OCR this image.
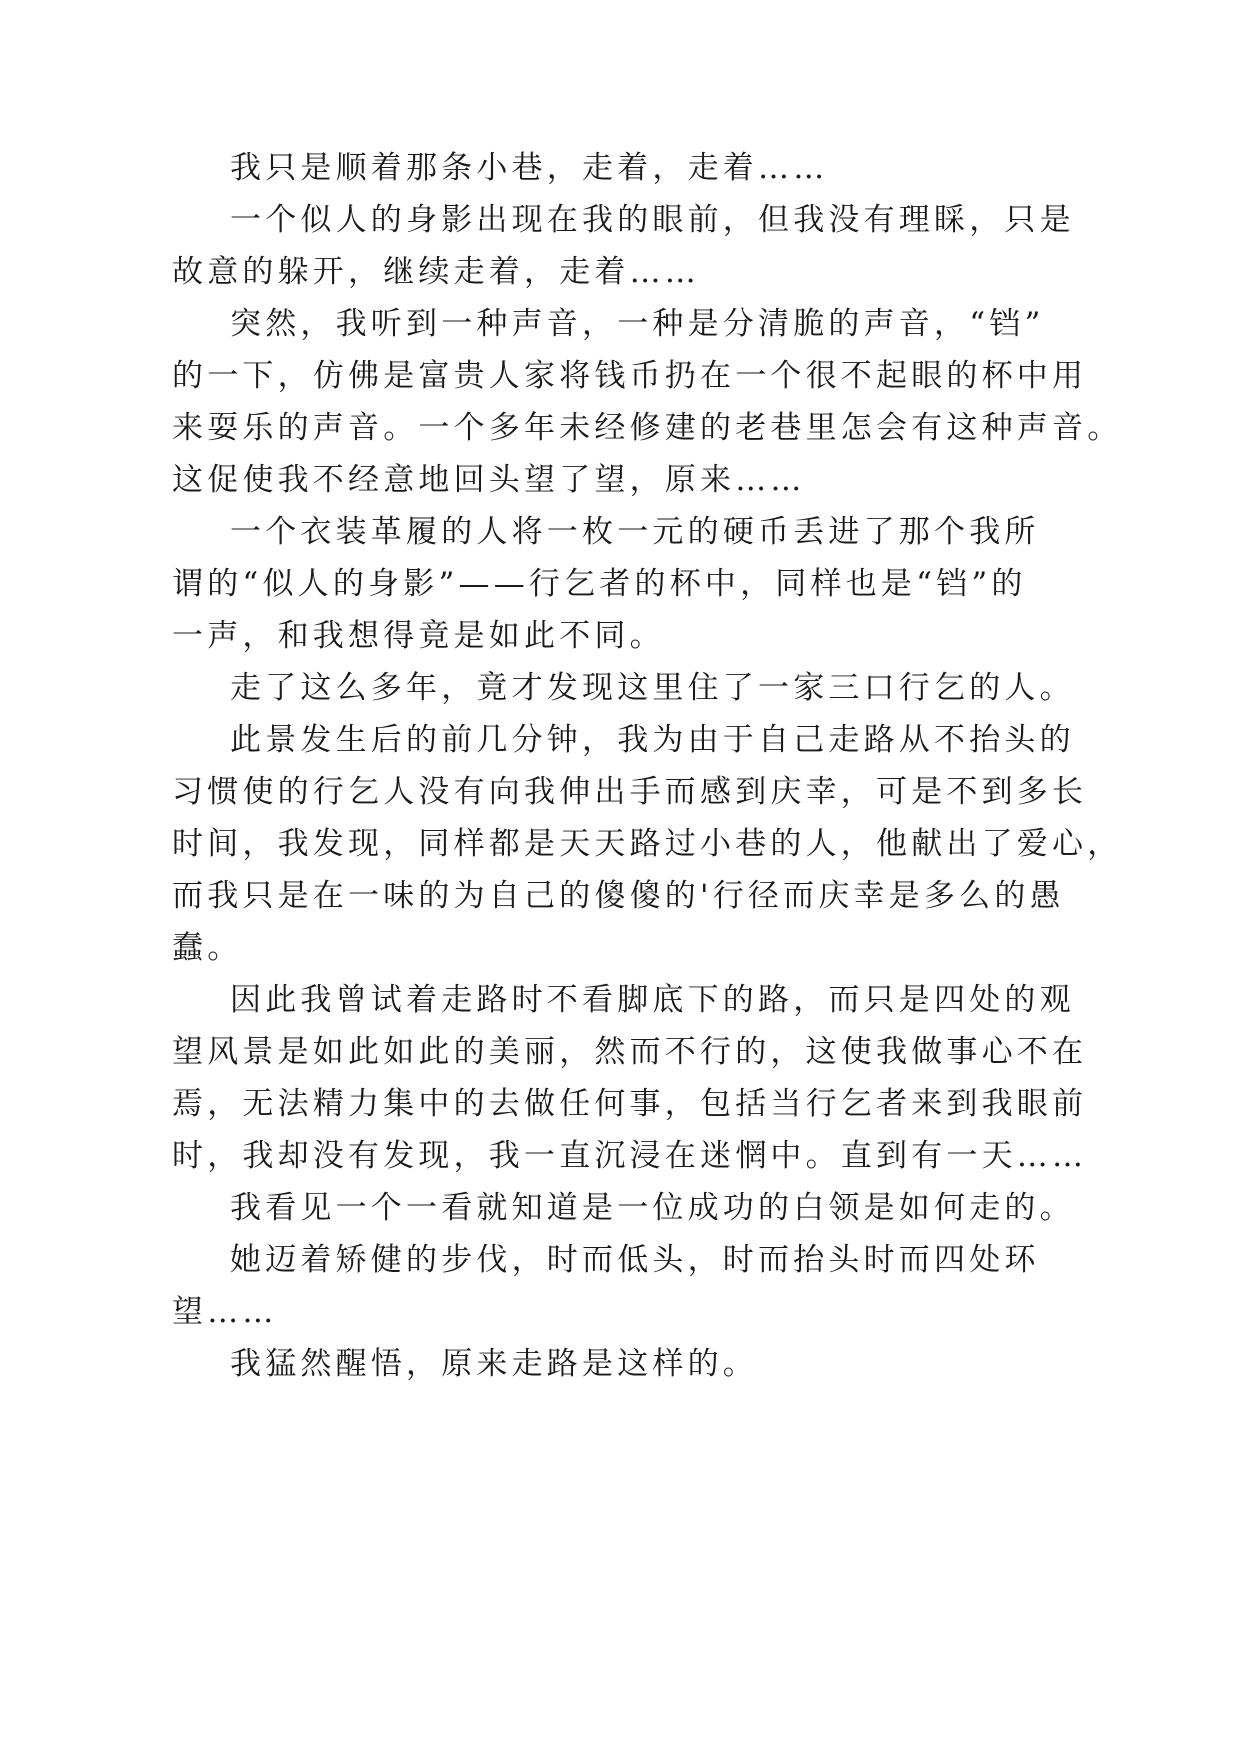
我只是顺着那条小巷，走着，走着……

一个似人的身影出现在我的眼前，但我没有理睬，只是

故意的躲开，继续走着，走着……

突然，我听到一种声音，一种是分清脆的声音，“铛”

的一下，仿佛是富贵人家将钱币扔在一个很不起眼的杯中用

来耍乐的声音。一个多年未经修建的老巷里怎会有这种声音。

这促使我不经意地回头望了望，原来……

一个衣装革履的人将一枚一元的硬币丢进了那个我所

谓的“似人的身影”——行乞者的杯中，同样也是“铛”的

一声，和我想得竟是如此不同。

走了这么多年，竟才发现这里住了一家三口行乞的人。

此景发生后的前几分钟，我为由于自己走路从不抬头的

习惯使的行乞人没有向我伸出手而感到庆幸，可是不到多长

时间，我发现，同样都是天天路过小巷的人，他献出了爱心，

而我只是在一味的为自己的傻傻的'行径而庆幸是多么的愚

蠢。

因此我曾试着走路时不看脚底下的路，而只是四处的观

望风景是如此如此的美丽，然而不行的，这使我做事心不在

焉，无法精力集中的去做任何事，包括当行乞者来到我眼前

时，我却没有发现，我一直沉浸在迷惘中。直到有一天……

我看见一个一看就知道是一位成功的白领是如何走的。

她迈着矫健的步伐，时而低头，时而抬头时而四处环

望……

我猛然醒悟，原来走路是这样的。
